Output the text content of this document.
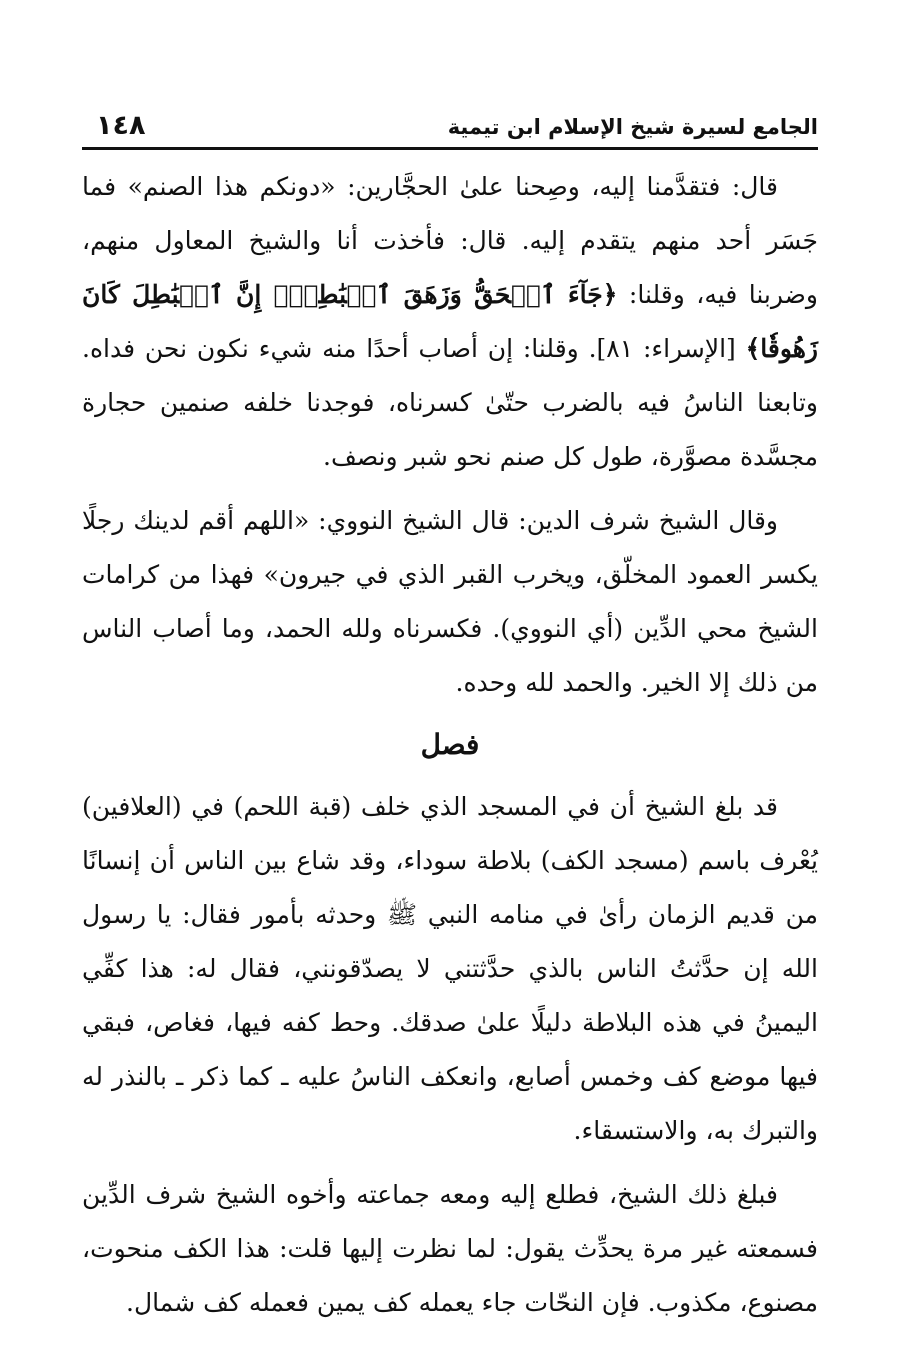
الجامع لسيرة شيخ الإسلام ابن تيمية
١٤٨

قال: فتقدَّمنا إليه، وصِحنا علىٰ الحجَّارين: «دونكم هذا الصنم» فما جَسَر أحد منهم يتقدم إليه. قال: فأخذت أنا والشيخ المعاول منهم، وضربنا فيه، وقلنا: ﴿جَآءَ ٱلۡحَقُّ وَزَهَقَ ٱلۡبَٰطِلُۚ إِنَّ ٱلۡبَٰطِلَ كَانَ زَهُوقٗا﴾ [الإسراء: ٨١]. وقلنا: إن أصاب أحدًا منه شيء نكون نحن فداه. وتابعنا الناسُ فيه بالضرب حتّىٰ كسرناه، فوجدنا خلفه صنمين حجارة مجسَّدة مصوَّرة، طول كل صنم نحو شبر ونصف.

وقال الشيخ شرف الدين: قال الشيخ النووي: «اللهم أقم لدينك رجلًا يكسر العمود المخلّق، ويخرب القبر الذي في جيرون» فهذا من كرامات الشيخ محي الدِّين (أي النووي). فكسرناه ولله الحمد، وما أصاب الناس من ذلك إلا الخير. والحمد لله وحده.

فصل

قد بلغ الشيخ أن في المسجد الذي خلف (قبة اللحم) في (العلافين) يُعْرف باسم (مسجد الكف) بلاطة سوداء، وقد شاع بين الناس أن إنسانًا من قديم الزمان رأىٰ في منامه النبي ﷺ وحدثه بأمور فقال: يا رسول الله إن حدَّثتُ الناس بالذي حدَّثتني لا يصدّقونني، فقال له: هذا كفِّي اليمينُ في هذه البلاطة دليلًا علىٰ صدقك. وحط كفه فيها، فغاص، فبقي فيها موضع كف وخمس أصابع، وانعكف الناسُ عليه ـ كما ذكر ـ بالنذر له والتبرك به، والاستسقاء.

فبلغ ذلك الشيخ، فطلع إليه ومعه جماعته وأخوه الشيخ شرف الدِّين فسمعته غير مرة يحدِّث يقول: لما نظرت إليها قلت: هذا الكف منحوت، مصنوع، مكذوب. فإن النحّات جاء يعمله كف يمين فعمله كف شمال.
